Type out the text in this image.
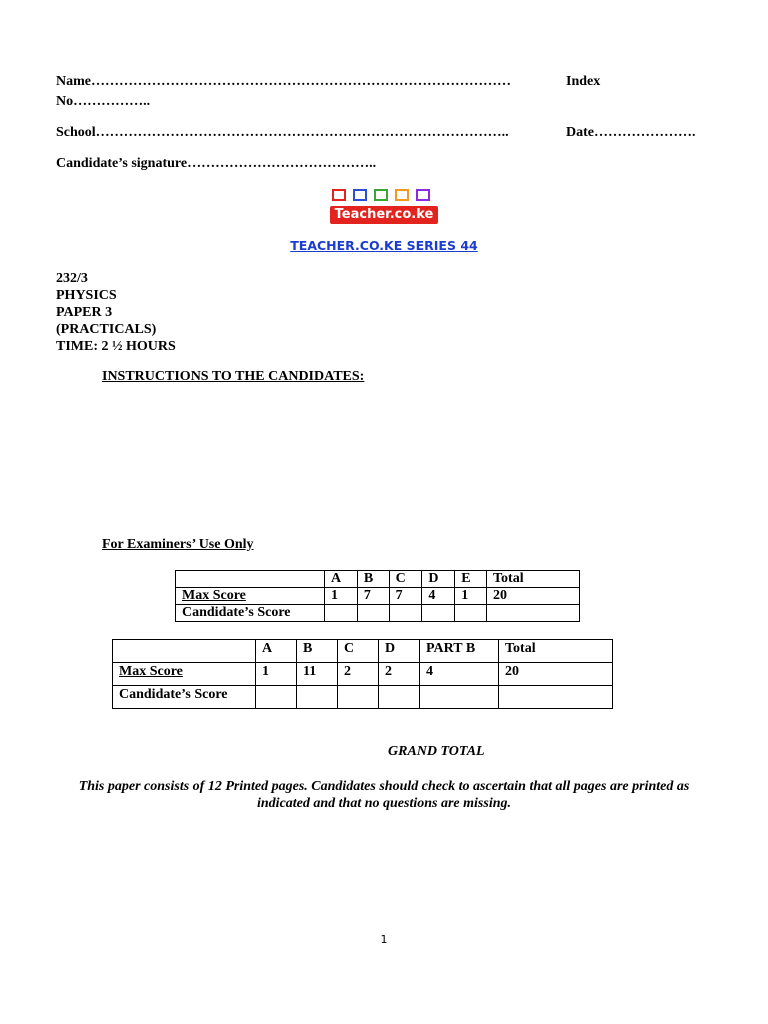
Name………………………………………………………………………………	Index
No……………..
School……………………………………………………………………………..	Date………………….
Candidate’s signature…………………………………..
Teacher.co.ke
TEACHER.CO.KE SERIES 44
232/3
PHYSICS
PAPER 3
(PRACTICALS)
TIME: 2 ½ HOURS
INSTRUCTIONS TO THE CANDIDATES:
For Examiners’ Use Only
	A	B	C	D	E	Total
Max Score	1	7	7	4	1	20
Candidate’s Score						
	A	B	C	D	PART B	Total
Max Score	1	11	2	2	4	20
Candidate’s Score						
GRAND TOTAL
This paper consists of 12 Printed pages. Candidates should check to ascertain that all pages are printed as indicated and that no questions are missing.
1
